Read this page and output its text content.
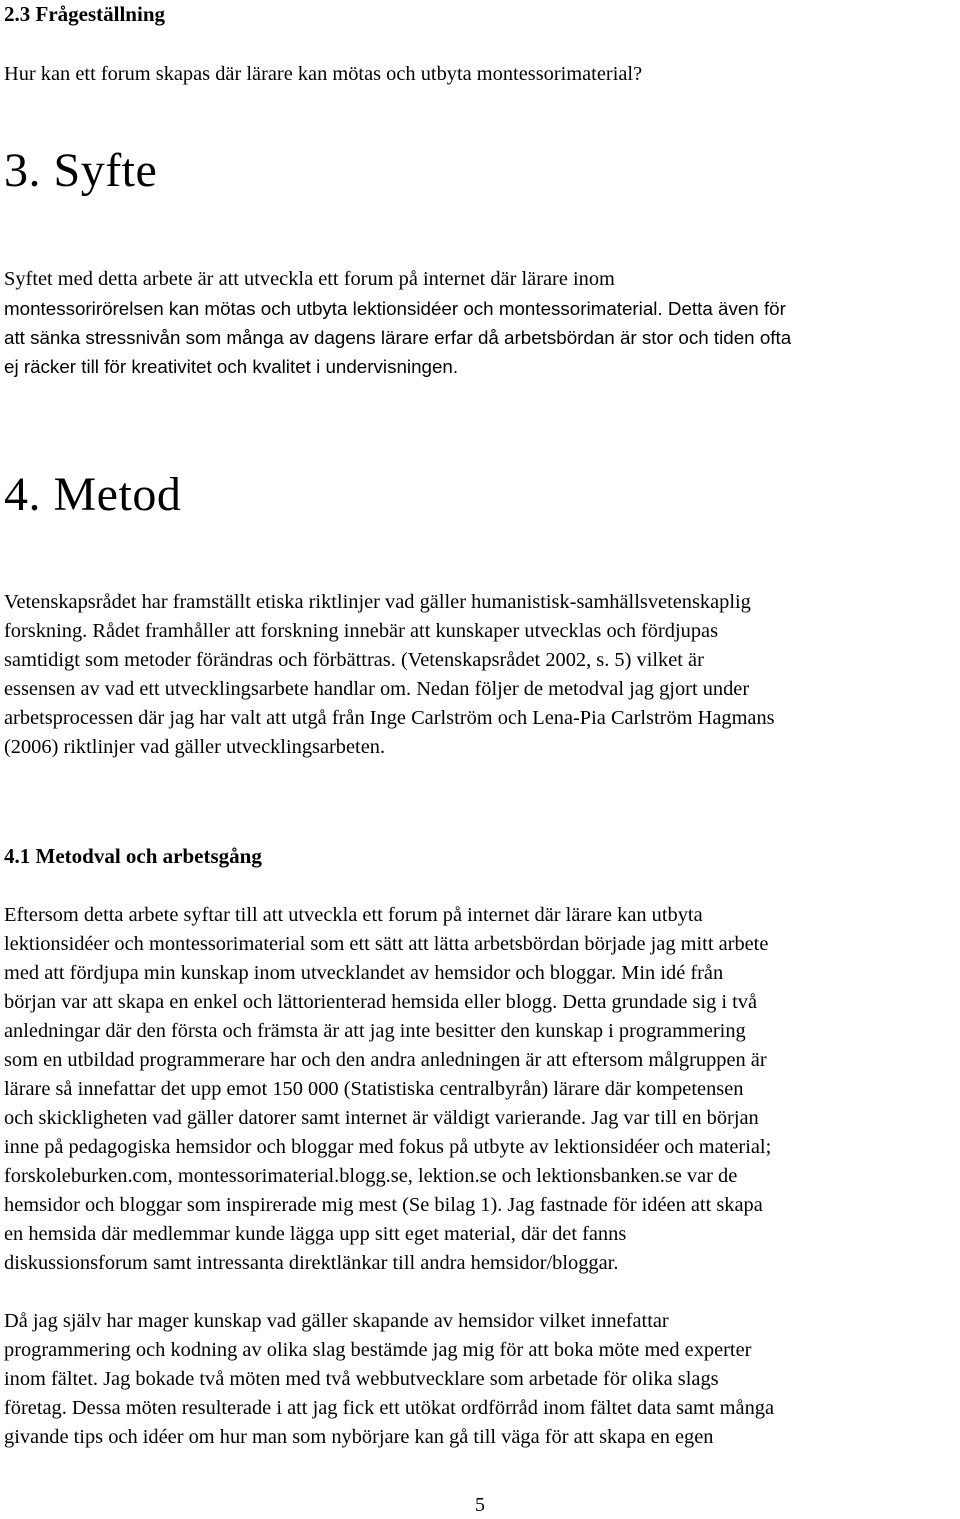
2.3 Frågeställning
Hur kan ett forum skapas där lärare kan mötas och utbyta montessorimaterial?
3. Syfte
Syftet med detta arbete är att utveckla ett forum på internet där lärare inom
montessorirörelsen kan mötas och utbyta lektionsidéer och montessorimaterial. Detta även för
att sänka stressnivån som många av dagens lärare erfar då arbetsbördan är stor och tiden ofta
ej räcker till för kreativitet och kvalitet i undervisningen.
4. Metod
Vetenskapsrådet har framställt etiska riktlinjer vad gäller humanistisk-samhällsvetenskaplig
forskning. Rådet framhåller att forskning innebär att kunskaper utvecklas och fördjupas
samtidigt som metoder förändras och förbättras. (Vetenskapsrådet 2002, s. 5) vilket är
essensen av vad ett utvecklingsarbete handlar om. Nedan följer de metodval jag gjort under
arbetsprocessen där jag har valt att utgå från Inge Carlström och Lena-Pia Carlström Hagmans
(2006) riktlinjer vad gäller utvecklingsarbeten.
4.1 Metodval och arbetsgång
Eftersom detta arbete syftar till att utveckla ett forum på internet där lärare kan utbyta
lektionsidéer och montessorimaterial som ett sätt att lätta arbetsbördan började jag mitt arbete
med att fördjupa min kunskap inom utvecklandet av hemsidor och bloggar. Min idé från
början var att skapa en enkel och lättorienterad hemsida eller blogg. Detta grundade sig i två
anledningar där den första och främsta är att jag inte besitter den kunskap i programmering
som en utbildad programmerare har och den andra anledningen är att eftersom målgruppen är
lärare så innefattar det upp emot 150 000 (Statistiska centralbyrån) lärare där kompetensen
och skickligheten vad gäller datorer samt internet är väldigt varierande. Jag var till en början
inne på pedagogiska hemsidor och bloggar med fokus på utbyte av lektionsidéer och material;
forskoleburken.com, montessorimaterial.blogg.se, lektion.se och lektionsbanken.se var de
hemsidor och bloggar som inspirerade mig mest (Se bilag 1). Jag fastnade för idéen att skapa
en hemsida där medlemmar kunde lägga upp sitt eget material, där det fanns
diskussionsforum samt intressanta direktlänkar till andra hemsidor/bloggar.
Då jag själv har mager kunskap vad gäller skapande av hemsidor vilket innefattar
programmering och kodning av olika slag bestämde jag mig för att boka möte med experter
inom fältet. Jag bokade två möten med två webbutvecklare som arbetade för olika slags
företag. Dessa möten resulterade i att jag fick ett utökat ordförråd inom fältet data samt många
givande tips och idéer om hur man som nybörjare kan gå till väga för att skapa en egen
5
